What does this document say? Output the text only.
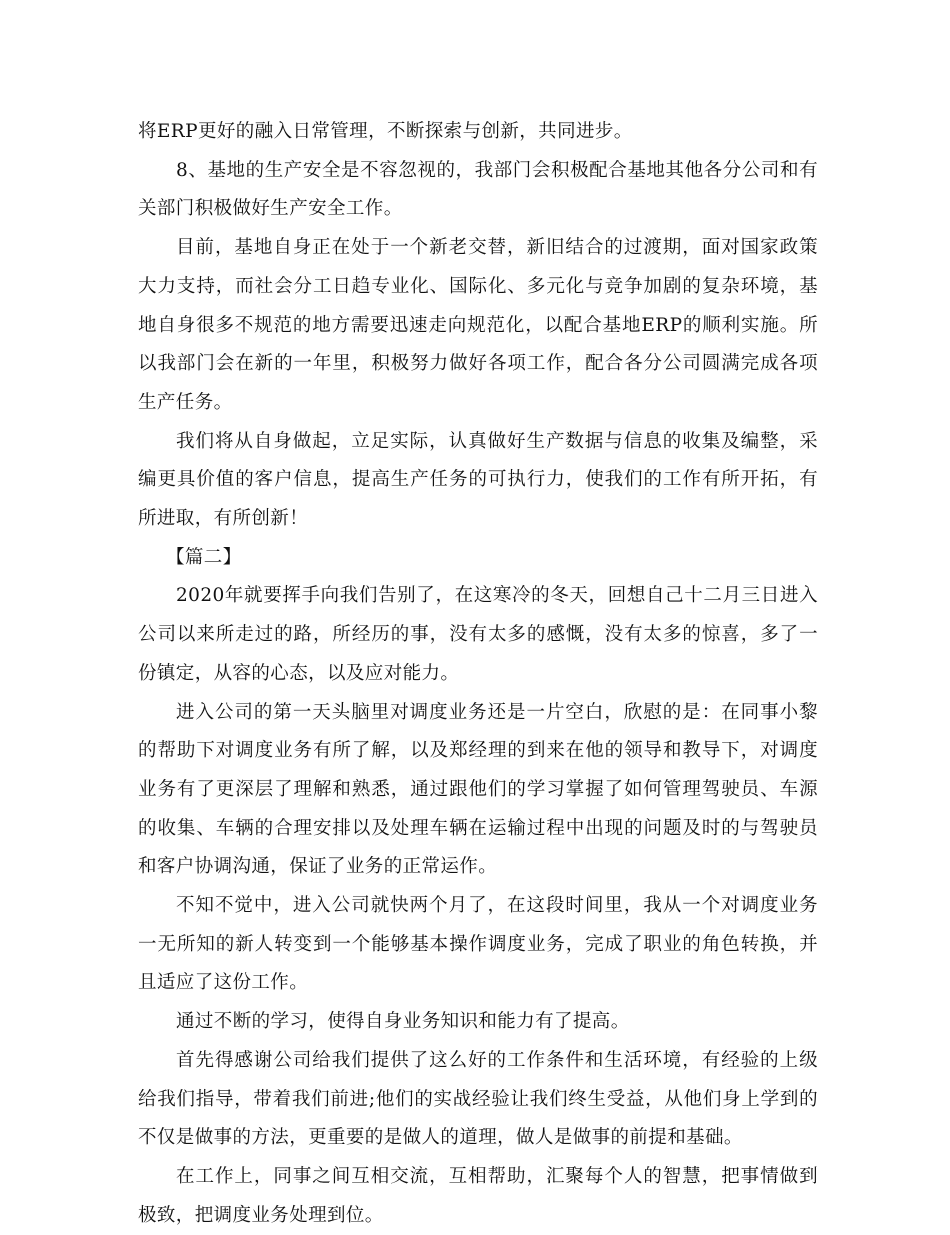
将ERP更好的融入日常管理，不断探索与创新，共同进步。

8、基地的生产安全是不容忽视的，我部门会积极配合基地其他各分公司和有关部门积极做好生产安全工作。

目前，基地自身正在处于一个新老交替，新旧结合的过渡期，面对国家政策大力支持，而社会分工日趋专业化、国际化、多元化与竞争加剧的复杂环境，基地自身很多不规范的地方需要迅速走向规范化，以配合基地ERP的顺利实施。所以我部门会在新的一年里，积极努力做好各项工作，配合各分公司圆满完成各项生产任务。

我们将从自身做起，立足实际，认真做好生产数据与信息的收集及编整，采编更具价值的客户信息，提高生产任务的可执行力，使我们的工作有所开拓，有所进取，有所创新！

【篇二】

2020年就要挥手向我们告别了，在这寒冷的冬天，回想自己十二月三日进入公司以来所走过的路，所经历的事，没有太多的感慨，没有太多的惊喜，多了一份镇定，从容的心态，以及应对能力。

进入公司的第一天头脑里对调度业务还是一片空白，欣慰的是：在同事小黎的帮助下对调度业务有所了解，以及郑经理的到来在他的领导和教导下，对调度业务有了更深层了理解和熟悉，通过跟他们的学习掌握了如何管理驾驶员、车源的收集、车辆的合理安排以及处理车辆在运输过程中出现的问题及时的与驾驶员和客户协调沟通，保证了业务的正常运作。

不知不觉中，进入公司就快两个月了，在这段时间里，我从一个对调度业务一无所知的新人转变到一个能够基本操作调度业务，完成了职业的角色转换，并且适应了这份工作。

通过不断的学习，使得自身业务知识和能力有了提高。

首先得感谢公司给我们提供了这么好的工作条件和生活环境，有经验的上级给我们指导，带着我们前进;他们的实战经验让我们终生受益，从他们身上学到的不仅是做事的方法，更重要的是做人的道理，做人是做事的前提和基础。

在工作上，同事之间互相交流，互相帮助，汇聚每个人的智慧，把事情做到极致，把调度业务处理到位。
